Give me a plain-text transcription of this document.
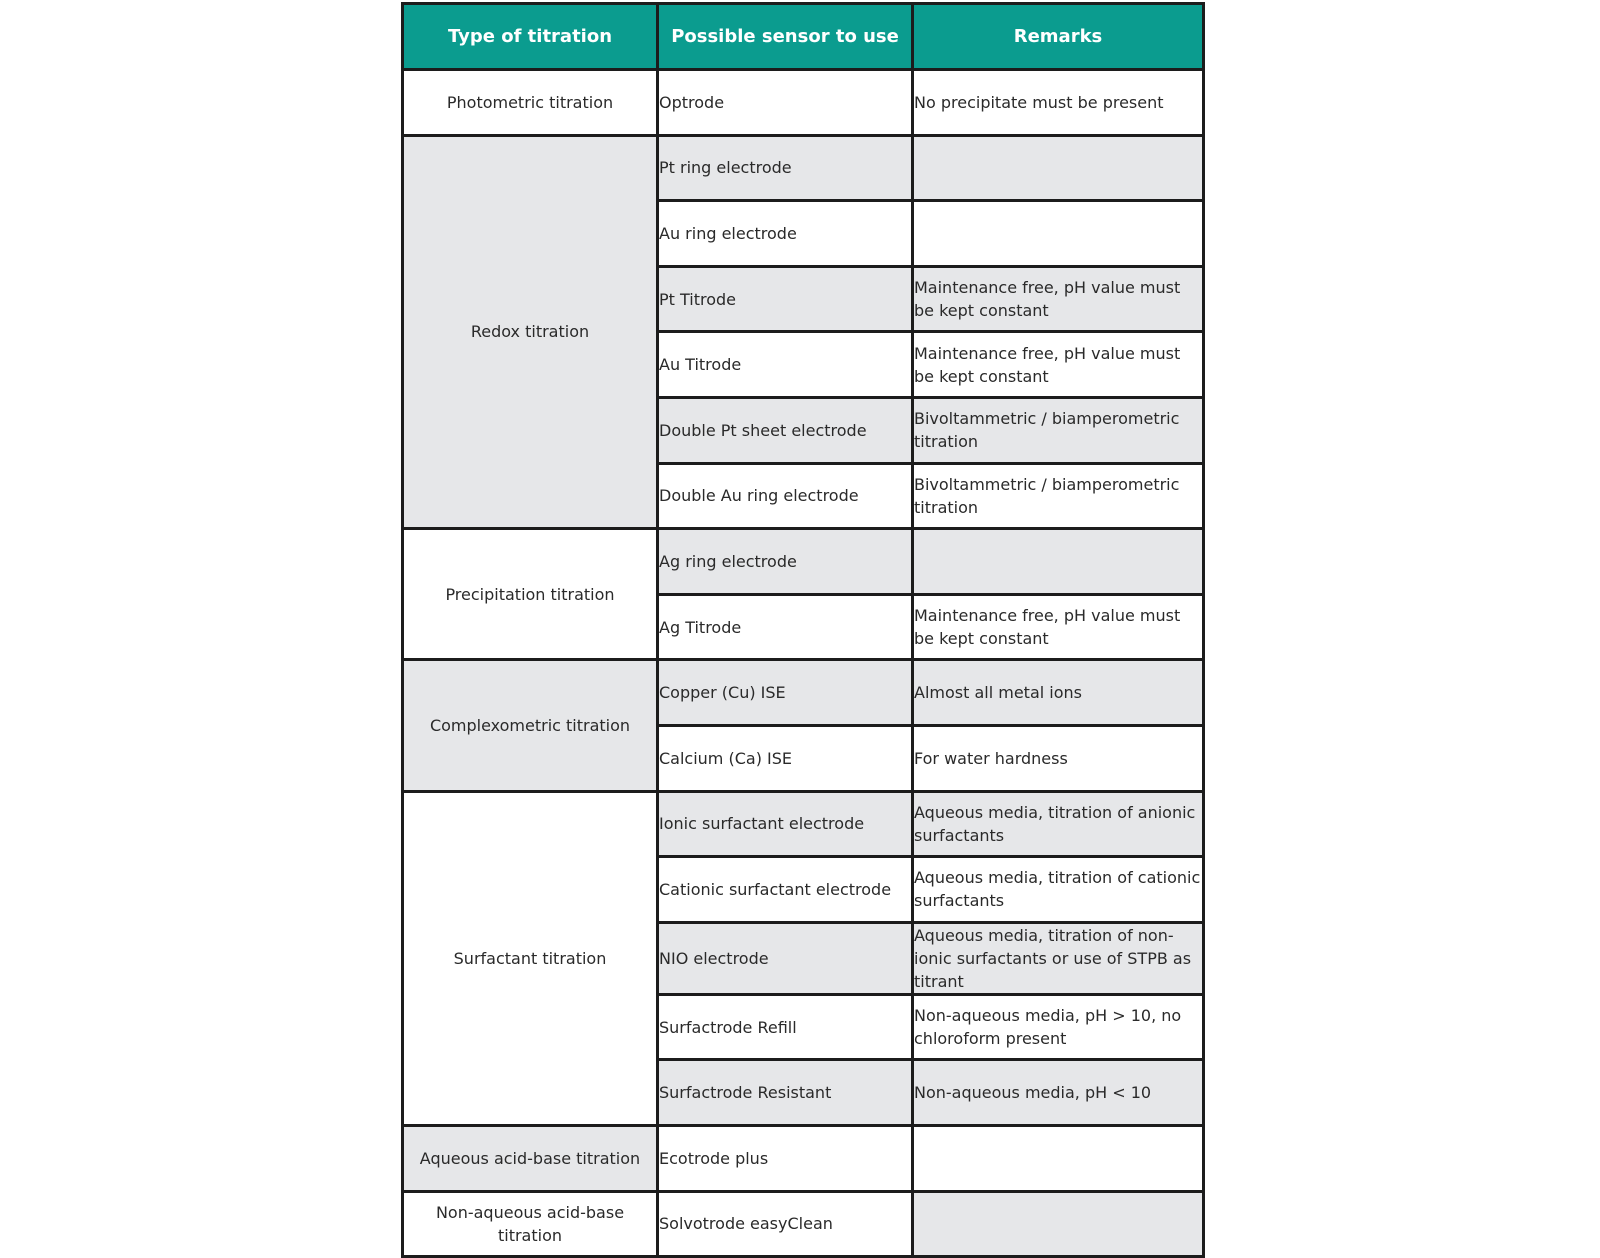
Type of titration	Possible sensor to use	Remarks
Photometric titration	Optrode	No precipitate must be present
Redox titration	Pt ring electrode	
	Au ring electrode	
	Pt Titrode	Maintenance free, pH value must be kept constant
	Au Titrode	Maintenance free, pH value must be kept constant
	Double Pt sheet electrode	Bivoltammetric / biamperometric titration
	Double Au ring electrode	Bivoltammetric / biamperometric titration
Precipitation titration	Ag ring electrode	
	Ag Titrode	Maintenance free, pH value must be kept constant
Complexometric titration	Copper (Cu) ISE	Almost all metal ions
	Calcium (Ca) ISE	For water hardness
Surfactant titration	Ionic surfactant electrode	Aqueous media, titration of anionic surfactants
	Cationic surfactant electrode	Aqueous media, titration of cationic surfactants
	NIO electrode	Aqueous media, titration of non-ionic surfactants or use of STPB as titrant
	Surfactrode Refill	Non-aqueous media, pH > 10, no chloroform present
	Surfactrode Resistant	Non-aqueous media, pH < 10
Aqueous acid-base titration	Ecotrode plus	
Non-aqueous acid-base titration	Solvotrode easyClean	
